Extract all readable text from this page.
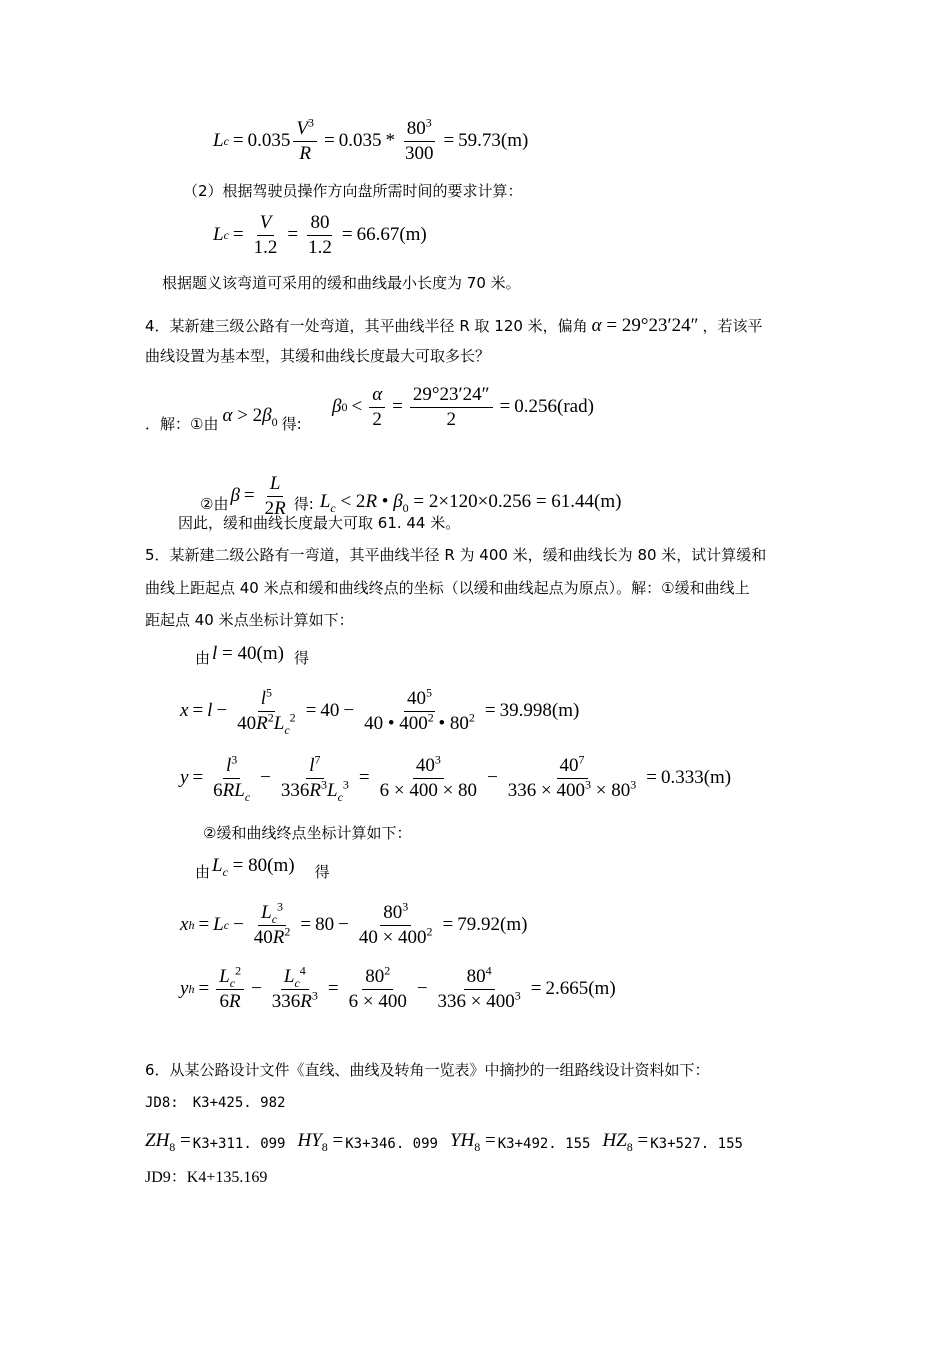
L $c = 0.035 \frac{V^3}{R} = 0.035 * \frac{80^3}{300} = 59.73(m)$
（2）根据驾驶员操作方向盘所需时间的要求计算：
L $c = \frac{V}{1.2} = \frac{80}{1.2} = 66.67(m)$
根据题义该弯道可采用的缓和曲线最小长度为 70 米。
4．某新建三级公路有一处弯道，其平曲线半径 R 取 120 米，偏角 α = 29°23′24″ ，若该平
曲线设置为基本型，其缓和曲线长度最大可取多长？
．解：①由 $\alpha > 2\beta_0$ 得:
β $0 < \frac{\alpha}{2} = \frac{29^\circ 23'24''}{2} = 0.256(rad)$
②由 $\beta = \frac{L}{2R}$ 得: $L_c < 2R$ • $\beta_0 = 2\times 120\times 0.256 = 61.44(m)$
因此，缓和曲线长度最大可取 61. 44 米。
5．某新建二级公路有一弯道，其平曲线半径 R 为 400 米，缓和曲线长为 80 米，试计算缓和
曲线上距起点 40 米点和缓和曲线终点的坐标（以缓和曲线起点为原点）。解：①缓和曲线上
距起点 40 米点坐标计算如下：
由 l = 40(m) 得
$x = l - \frac{l^5}{40R^2L_c^2} = 40 - \frac{40^5}{40 • 400^2 • 80^2} = 39.998(m)$
$y = \frac{l^3}{6RL_c} - \frac{l^7}{336R^3L_c^3} = \frac{40^3}{6 \times 400 \times 80} - \frac{40^7}{336 \times 400^3 \times 80^3} = 0.333(m)$
②缓和曲线终点坐标计算如下：
由 $L_c = 80(m)$ 得
x h = L $c - \frac{L_c^3}{40R^2} = 80 - \frac{80^3}{40 \times 400^2} = 79.92(m)$
y $h = \frac{L_c^2}{6R} - \frac{L_c^4}{336R^3} = \frac{80^2}{6 \times 400} - \frac{80^4}{336 \times 400^3} = 2.665(m)$
6．从某公路设计文件《直线、曲线及转角一览表》中摘抄的一组路线设计资料如下：
JD8:　K3+425. 982
$ZH_8 = K3+311$. 099 $HY_8 = K3+346$. 099 $YH_8 = K3+492$. 155 $HZ_8 = K3+527$. 155
JD9：K4+135.169
